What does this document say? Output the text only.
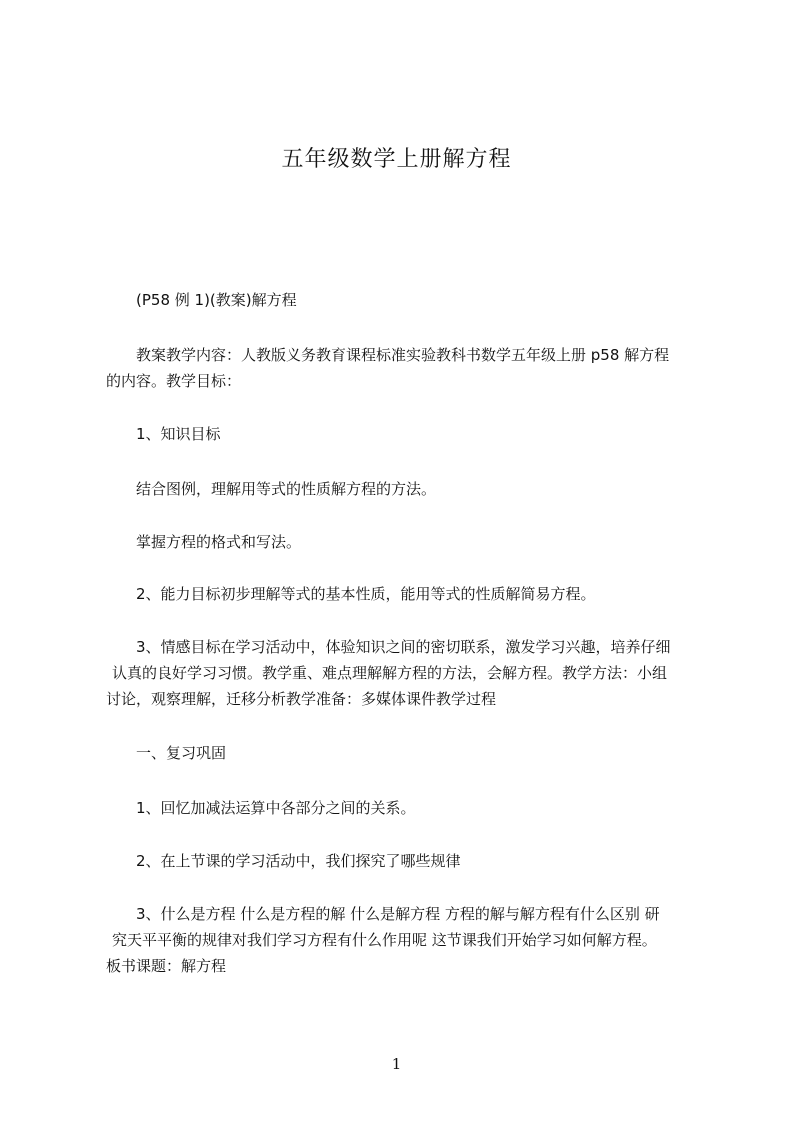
五年级数学上册解方程
(P58 例 1)(教案)解方程
教案教学内容：人教版义务教育课程标准实验教科书数学五年级上册 p58 解方程
的内容。教学目标：
1、知识目标
结合图例，理解用等式的性质解方程的方法。
掌握方程的格式和写法。
2、能力目标初步理解等式的基本性质，能用等式的性质解简易方程。
3、情感目标在学习活动中，体验知识之间的密切联系，激发学习兴趣，培养仔细
认真的良好学习习惯。教学重、难点理解解方程的方法，会解方程。教学方法：小组
讨论，观察理解，迁移分析教学准备：多媒体课件教学过程
一、复习巩固
1、回忆加减法运算中各部分之间的关系。
2、在上节课的学习活动中，我们探究了哪些规律
3、什么是方程 什么是方程的解 什么是解方程 方程的解与解方程有什么区别 研
究天平平衡的规律对我们学习方程有什么作用呢 这节课我们开始学习如何解方程。
板书课题：解方程
1
